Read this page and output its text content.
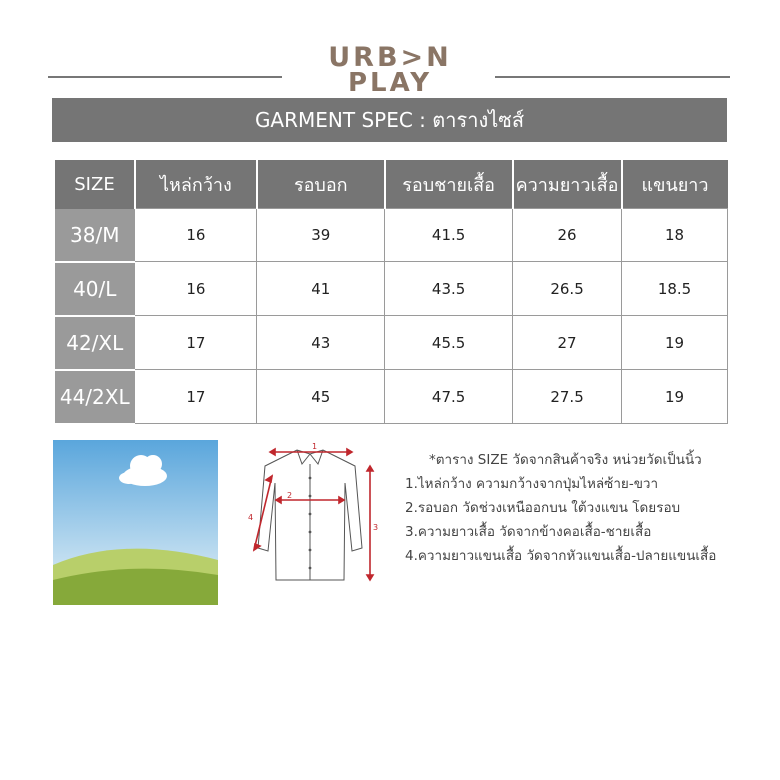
URB>N
PLAY
GARMENT SPEC : ตารางไซส์
SIZE	ไหล่กว้าง	รอบอก	รอบชายเสื้อ	ความยาวเสื้อ	แขนยาว
38/M	16	39	41.5	26	18
40/L	16	41	43.5	26.5	18.5
42/XL	17	43	45.5	27	19
44/2XL	17	45	47.5	27.5	19
1
2
3
4
*ตาราง SIZE วัดจากสินค้าจริง หน่วยวัดเป็นนิ้ว
1.ไหล่กว้าง ความกว้างจากปุ่มไหล่ซ้าย-ขวา
2.รอบอก วัดช่วงเหนืออกบน ใต้วงแขน โดยรอบ
3.ความยาวเสื้อ วัดจากข้างคอเสื้อ-ชายเสื้อ
4.ความยาวแขนเสื้อ วัดจากหัวแขนเสื้อ-ปลายแขนเสื้อ
